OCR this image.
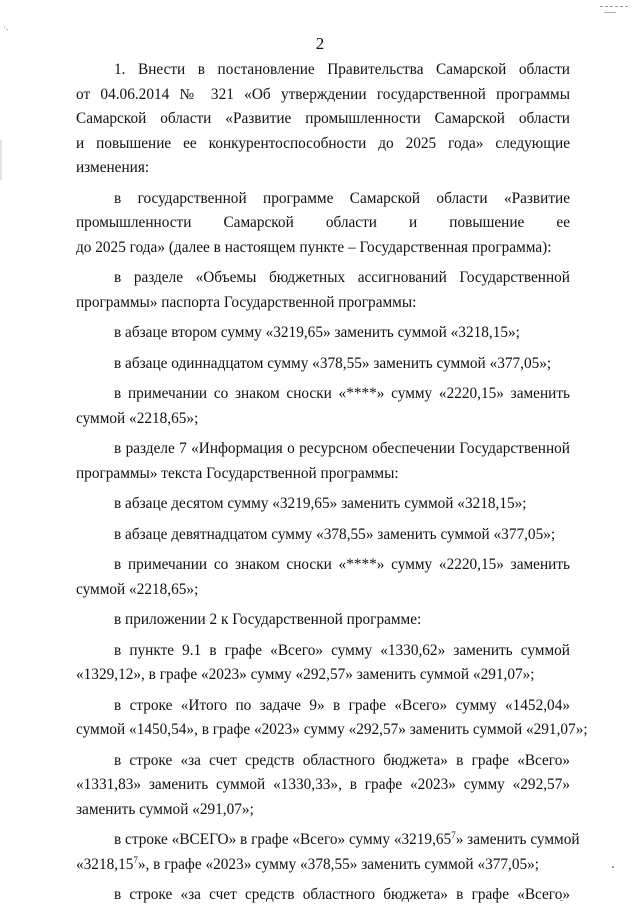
'-
2
1. Внести в постановление Правительства Самарской области
от 04.06.2014 № 321 «Об утверждении государственной программы
Самарской области «Развитие промышленности Самарской области
и повышение ее конкурентоспособности до 2025 года» следующие
изменения:
в государственной программе Самарской области «Развитие
промышленности Самарской области и повышение ее
до 2025 года» (далее в настоящем пункте – Государственная программа):
в разделе «Объемы бюджетных ассигнований Государственной
программы» паспорта Государственной программы:
в абзаце втором сумму «3219,65» заменить суммой «3218,15»;
в абзаце одиннадцатом сумму «378,55» заменить суммой «377,05»;
в примечании со знаком сноски «****» сумму «2220,15» заменить
суммой «2218,65»;
в разделе 7 «Информация о ресурсном обеспечении Государственной
программы» текста Государственной программы:
в абзаце десятом сумму «3219,65» заменить суммой «3218,15»;
в абзаце девятнадцатом сумму «378,55» заменить суммой «377,05»;
в примечании со знаком сноски «****» сумму «2220,15» заменить
суммой «2218,65»;
в приложении 2 к Государственной программе:
в пункте 9.1 в графе «Всего» сумму «1330,62» заменить суммой
«1329,12», в графе «2023» сумму «292,57» заменить суммой «291,07»;
в строке «Итого по задаче 9» в графе «Всего» сумму «1452,04»
суммой «1450,54», в графе «2023» сумму «292,57» заменить суммой «291,07»;
в строке «за счет средств областного бюджета» в графе «Всего»
«1331,83» заменить суммой «1330,33», в графе «2023» сумму «292,57»
заменить суммой «291,07»;
в строке «ВСЕГО» в графе «Всего» сумму «3219,65$^7$» заменить суммой
«3218,15$^7$», в графе «2023» сумму «378,55» заменить суммой «377,05»;
в строке «за счет средств областного бюджета» в графе «Всего»
